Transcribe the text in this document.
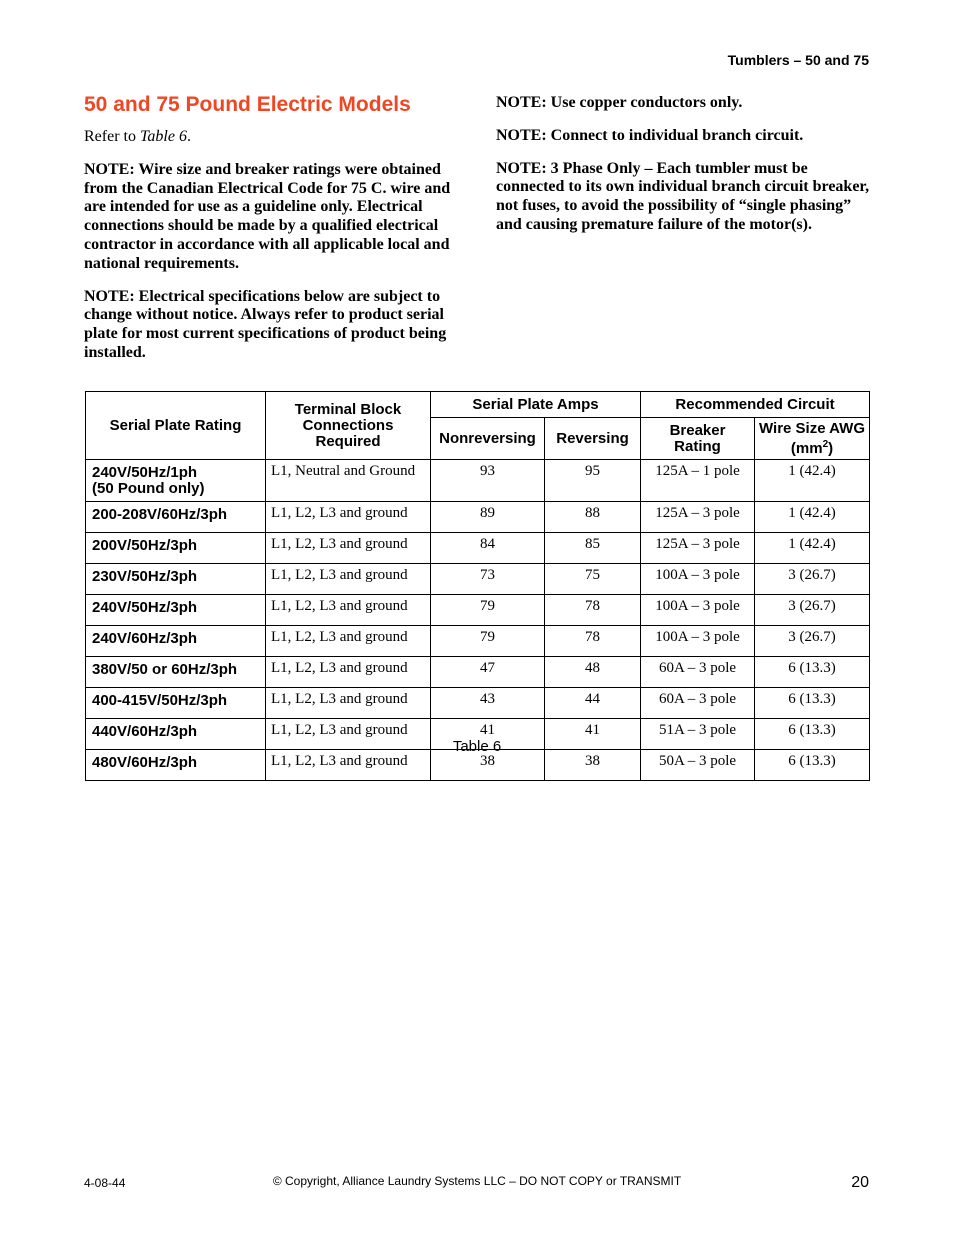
Tumblers – 50 and 75
50 and 75 Pound Electric Models

Refer to Table 6.

NOTE: Wire size and breaker ratings were obtained from the Canadian Electrical Code for 75 C. wire and are intended for use as a guideline only. Electrical connections should be made by a qualified electrical contractor in accordance with all applicable local and national requirements.

NOTE: Electrical specifications below are subject to change without notice. Always refer to product serial plate for most current specifications of product being installed.

NOTE: Use copper conductors only.

NOTE: Connect to individual branch circuit.

NOTE: 3 Phase Only – Each tumbler must be connected to its own individual branch circuit breaker, not fuses, to avoid the possibility of “single phasing” and causing premature failure of the motor(s).

Serial Plate Rating	Terminal Block Connections Required	Serial Plate Amps		Recommended Circuit	
		Nonreversing	Reversing	Breaker Rating	Wire Size AWG $(mm^2)$
240V/50Hz/1ph
(50 Pound only)	L1, Neutral and Ground	93	95	125A – 1 pole	1 (42.4)
200-208V/60Hz/3ph	L1, L2, L3 and ground	89	88	125A – 3 pole	1 (42.4)
200V/50Hz/3ph	L1, L2, L3 and ground	84	85	125A – 3 pole	1 (42.4)
230V/50Hz/3ph	L1, L2, L3 and ground	73	75	100A – 3 pole	3 (26.7)
240V/50Hz/3ph	L1, L2, L3 and ground	79	78	100A – 3 pole	3 (26.7)
240V/60Hz/3ph	L1, L2, L3 and ground	79	78	100A – 3 pole	3 (26.7)
380V/50 or 60Hz/3ph	L1, L2, L3 and ground	47	48	60A – 3 pole	6 (13.3)
400-415V/50Hz/3ph	L1, L2, L3 and ground	43	44	60A – 3 pole	6 (13.3)
440V/60Hz/3ph	L1, L2, L3 and ground	41	41	51A – 3 pole	6 (13.3)
480V/60Hz/3ph	L1, L2, L3 and ground	38	38	50A – 3 pole	6 (13.3)
Table 6
4-08-44	© Copyright, Alliance Laundry Systems LLC – DO NOT COPY or TRANSMIT	20
